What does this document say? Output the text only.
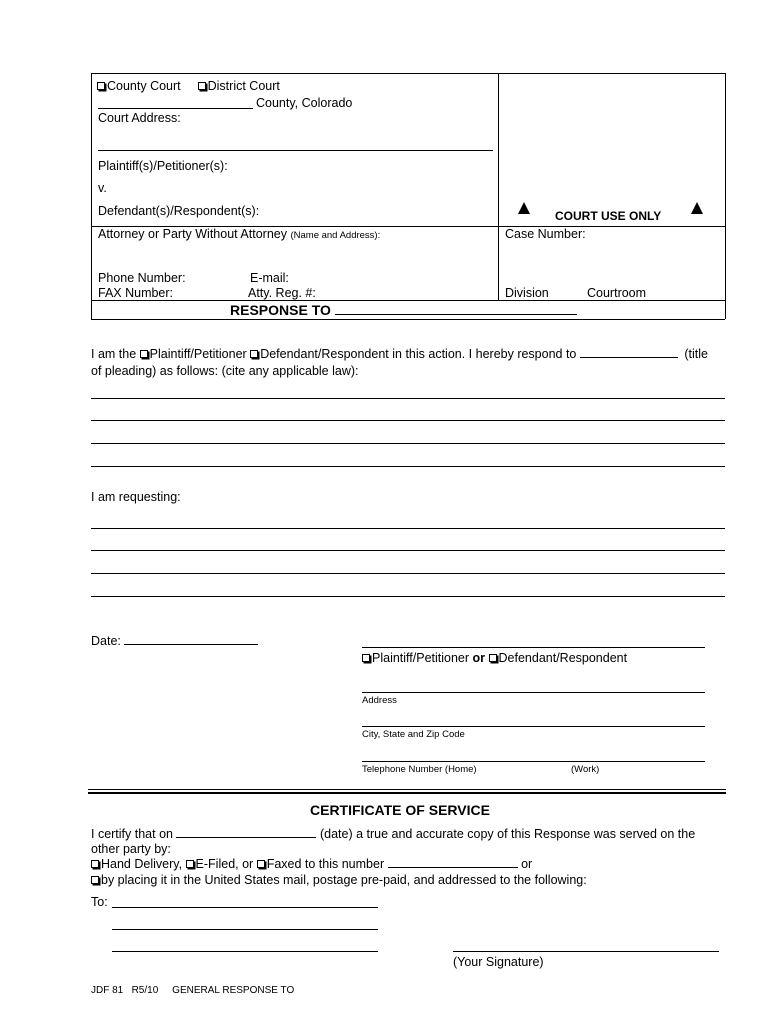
County Court District Court
County, Colorado
Court Address:
Plaintiff(s)/Petitioner(s):
v.
Defendant(s)/Respondent(s):	COURT USE ONLY
Attorney or Party Without Attorney (Name and Address):	Case Number:
Phone Number:	E-mail:
FAX Number:	Atty. Reg. #:	Division	Courtroom
RESPONSE TO
I am the Plaintiff/Petitioner Defendant/Respondent in this action. I hereby respond to	(title
of pleading) as follows: (cite any applicable law):
I am requesting:
Date:
Plaintiff/Petitioner or Defendant/Respondent
Address
City, State and Zip Code
Telephone Number (Home)	(Work)
CERTIFICATE OF SERVICE
I certify that on	(date) a true and accurate copy of this Response was served on the
other party by:
Hand Delivery, E-Filed, or Faxed to this number	or
by placing it in the United States mail, postage pre-paid, and addressed to the following:
To:
(Your Signature)
JDF 81 R5/10 GENERAL RESPONSE TO
